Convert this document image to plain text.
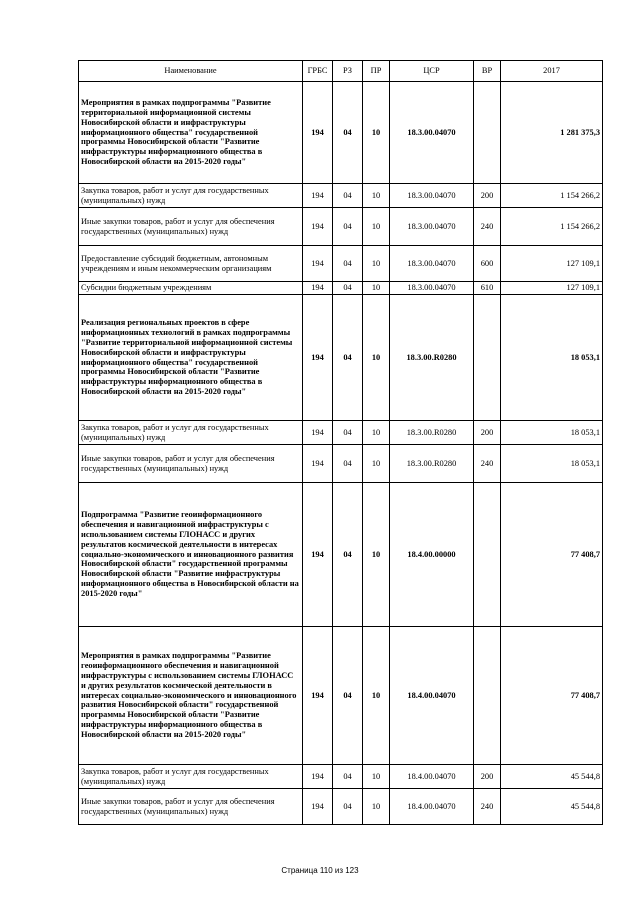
Наименование	ГРБС	РЗ	ПР	ЦСР	ВР	2017
Мероприятия в рамках подпрограммы "Развитие территориальной информационной системы Новосибирской области и инфраструктуры информационного общества" государственной программы Новосибирской области "Развитие инфраструктуры информационного общества в Новосибирской области на 2015-2020 годы"	194	04	10	18.3.00.04070		1 281 375,3
Закупка товаров, работ и услуг для государственных (муниципальных) нужд	194	04	10	18.3.00.04070	200	1 154 266,2
Иные закупки товаров, работ и услуг для обеспечения государственных (муниципальных) нужд	194	04	10	18.3.00.04070	240	1 154 266,2
Предоставление субсидий бюджетным, автономным учреждениям и иным некоммерческим организациям	194	04	10	18.3.00.04070	600	127 109,1
Субсидии бюджетным учреждениям	194	04	10	18.3.00.04070	610	127 109,1
Реализация региональных проектов в сфере информационных технологий в рамках подпрограммы "Развитие территориальной информационной системы Новосибирской области и инфраструктуры информационного общества" государственной программы Новосибирской области "Развитие инфраструктуры информационного общества в Новосибирской области на 2015-2020 годы"	194	04	10	18.3.00.R0280		18 053,1
Закупка товаров, работ и услуг для государственных (муниципальных) нужд	194	04	10	18.3.00.R0280	200	18 053,1
Иные закупки товаров, работ и услуг для обеспечения государственных (муниципальных) нужд	194	04	10	18.3.00.R0280	240	18 053,1
Подпрограмма "Развитие геоинформационного обеспечения и навигационной инфраструктуры с использованием системы ГЛОНАСС и других результатов космической деятельности в интересах социально-экономического и инновационного развития Новосибирской области" государственной программы Новосибирской области "Развитие инфраструктуры информационного общества в Новосибирской области на 2015-2020 годы"	194	04	10	18.4.00.00000		77 408,7
Мероприятия в рамках подпрограммы "Развитие геоинформационного обеспечения и навигационной инфраструктуры с использованием системы ГЛОНАСС и других результатов космической деятельности в интересах социально-экономического и инновационного развития Новосибирской области" государственной программы Новосибирской области "Развитие инфраструктуры информационного общества в Новосибирской области на 2015-2020 годы"	194	04	10	18.4.00.04070		77 408,7
Закупка товаров, работ и услуг для государственных (муниципальных) нужд	194	04	10	18.4.00.04070	200	45 544,8
Иные закупки товаров, работ и услуг для обеспечения государственных (муниципальных) нужд	194	04	10	18.4.00.04070	240	45 544,8
Страница 110 из 123
